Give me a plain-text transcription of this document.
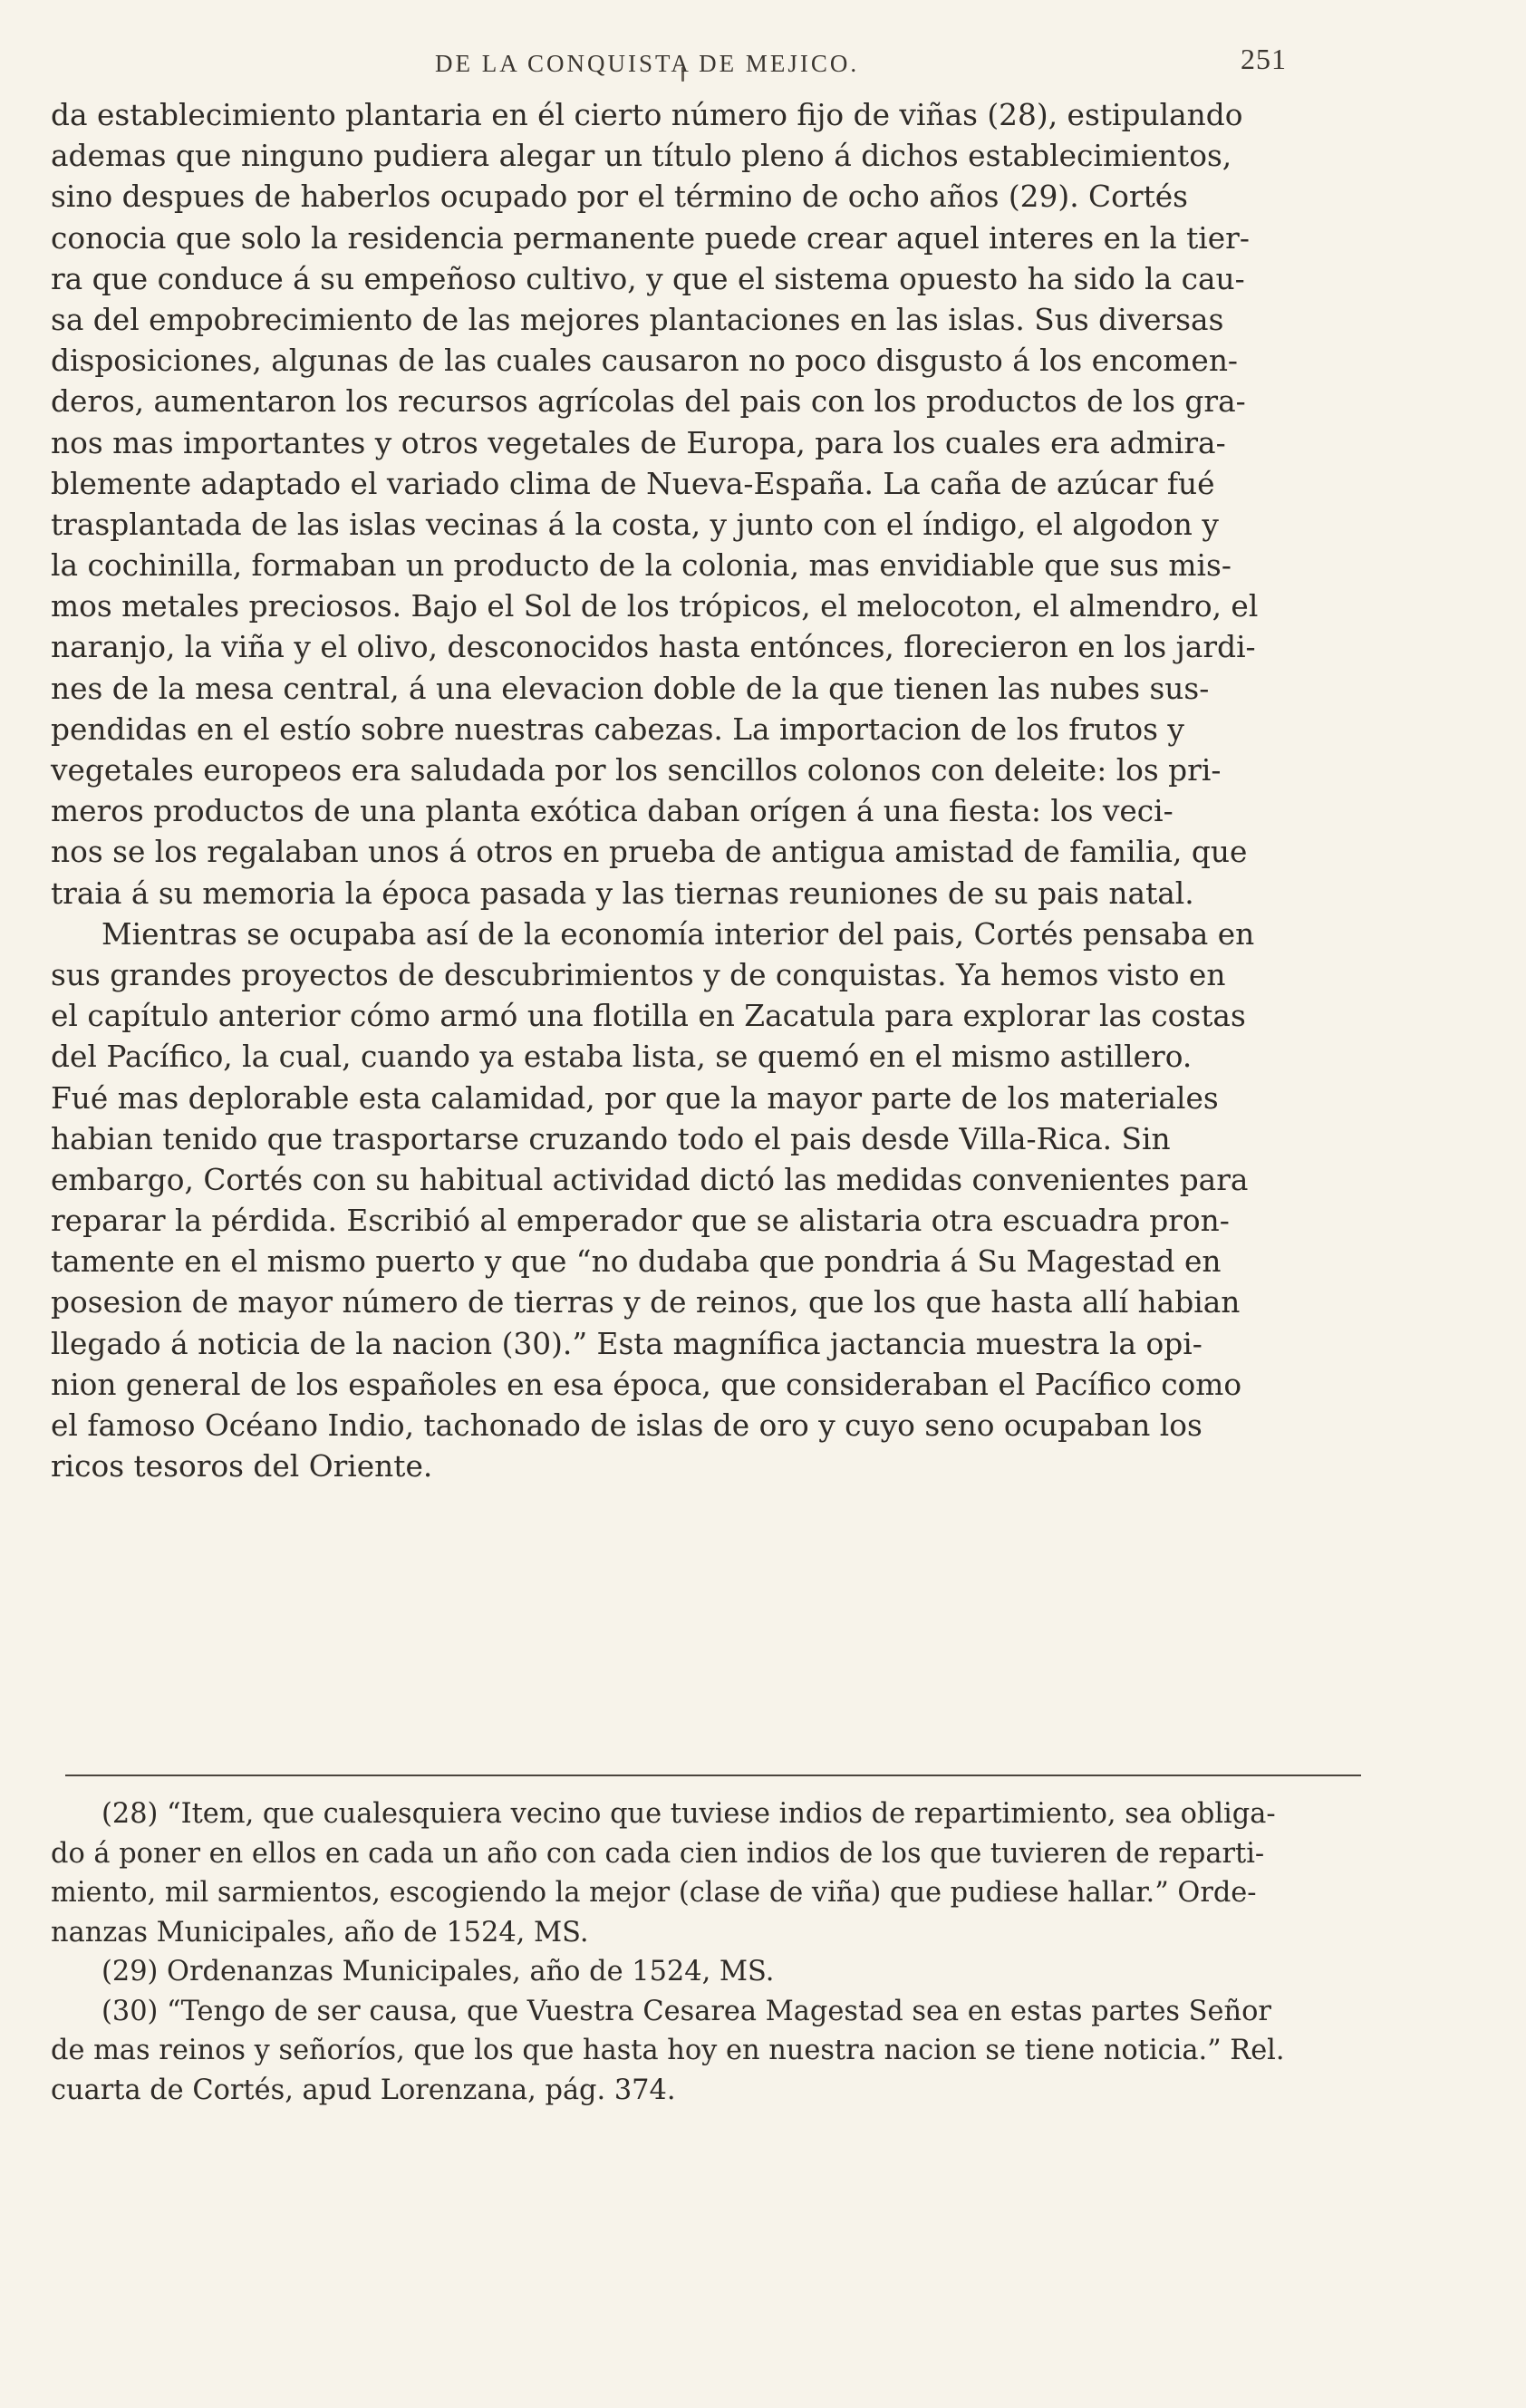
DE LA CONQUISTA DE MEJICO.	251
da establecimiento plantaria en él cierto número fijo de viñas (28), estipulando
ademas que ninguno pudiera alegar un título pleno á dichos establecimientos,
sino despues de haberlos ocupado por el término de ocho años (29). Cortés
conocia que solo la residencia permanente puede crear aquel interes en la tier-
ra que conduce á su empeñoso cultivo, y que el sistema opuesto ha sido la cau-
sa del empobrecimiento de las mejores plantaciones en las islas. Sus diversas
disposiciones, algunas de las cuales causaron no poco disgusto á los encomen-
deros, aumentaron los recursos agrícolas del pais con los productos de los gra-
nos mas importantes y otros vegetales de Europa, para los cuales era admira-
blemente adaptado el variado clima de Nueva-España. La caña de azúcar fué
trasplantada de las islas vecinas á la costa, y junto con el índigo, el algodon y
la cochinilla, formaban un producto de la colonia, mas envidiable que sus mis-
mos metales preciosos. Bajo el Sol de los trópicos, el melocoton, el almendro, el
naranjo, la viña y el olivo, desconocidos hasta entónces, florecieron en los jardi-
nes de la mesa central, á una elevacion doble de la que tienen las nubes sus-
pendidas en el estío sobre nuestras cabezas. La importacion de los frutos y
vegetales europeos era saludada por los sencillos colonos con deleite: los pri-
meros productos de una planta exótica daban orígen á una fiesta: los veci-
nos se los regalaban unos á otros en prueba de antigua amistad de familia, que
traia á su memoria la época pasada y las tiernas reuniones de su pais natal.
Mientras se ocupaba así de la economía interior del pais, Cortés pensaba en
sus grandes proyectos de descubrimientos y de conquistas. Ya hemos visto en
el capítulo anterior cómo armó una flotilla en Zacatula para explorar las costas
del Pacífico, la cual, cuando ya estaba lista, se quemó en el mismo astillero.
Fué mas deplorable esta calamidad, por que la mayor parte de los materiales
habian tenido que trasportarse cruzando todo el pais desde Villa-Rica. Sin
embargo, Cortés con su habitual actividad dictó las medidas convenientes para
reparar la pérdida. Escribió al emperador que se alistaria otra escuadra pron-
tamente en el mismo puerto y que “no dudaba que pondria á Su Magestad en
posesion de mayor número de tierras y de reinos, que los que hasta allí habian
llegado á noticia de la nacion (30).” Esta magnífica jactancia muestra la opi-
nion general de los españoles en esa época, que consideraban el Pacífico como
el famoso Océano Indio, tachonado de islas de oro y cuyo seno ocupaban los
ricos tesoros del Oriente.
(28) “Item, que cualesquiera vecino que tuviese indios de repartimiento, sea obliga-
do á poner en ellos en cada un año con cada cien indios de los que tuvieren de reparti-
miento, mil sarmientos, escogiendo la mejor (clase de viña) que pudiese hallar.” Orde-
nanzas Municipales, año de 1524, MS.
(29) Ordenanzas Municipales, año de 1524, MS.
(30) “Tengo de ser causa, que Vuestra Cesarea Magestad sea en estas partes Señor
de mas reinos y señoríos, que los que hasta hoy en nuestra nacion se tiene noticia.” Rel.
cuarta de Cortés, apud Lorenzana, pág. 374.
